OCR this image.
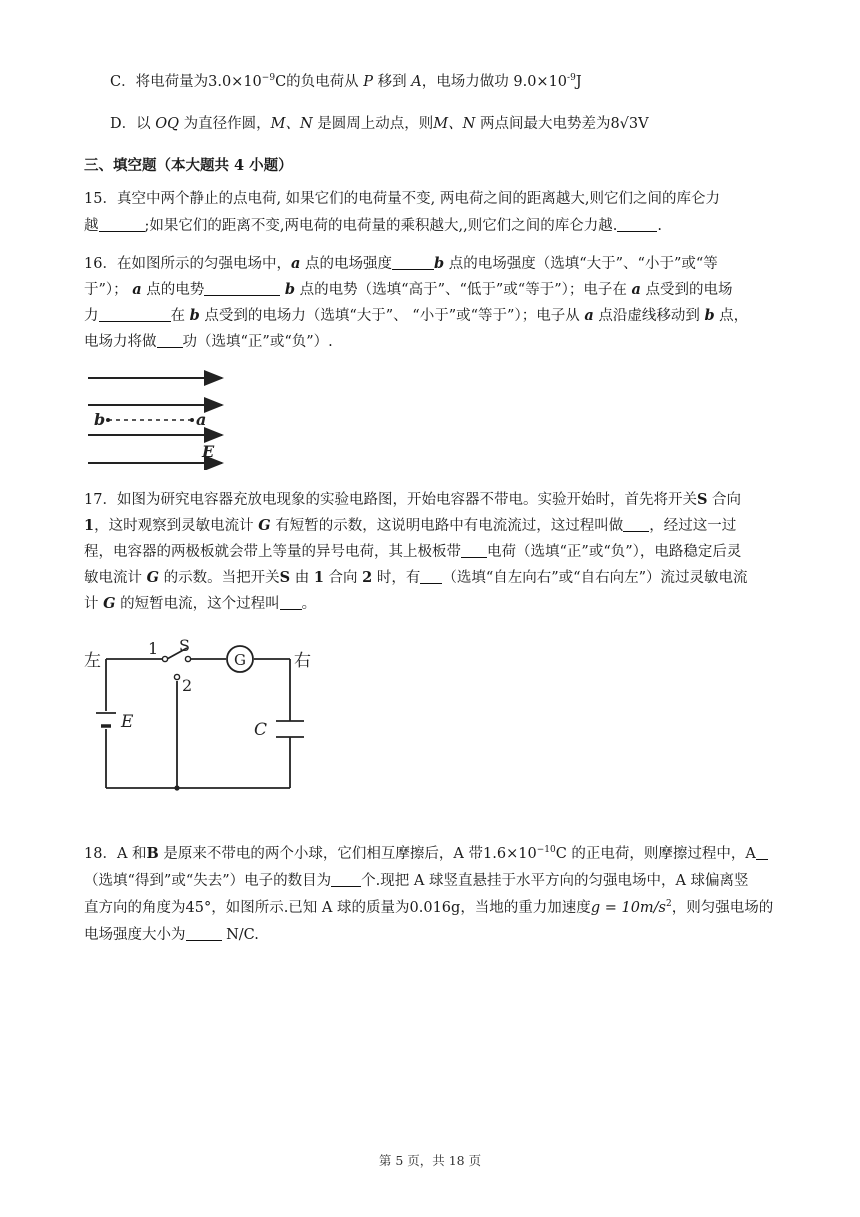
C．将电荷量为$3.0\times 10^{-9}C$的负电荷从 P 移到 A，电场力做功 $9.0\times 10^{-9}J$
D．以 OQ 为直径作圆，M、N 是圆周上动点，则M、N 两点间最大电势差为8√3V
三、填空题（本大题共 4 小题）
15．真空中两个静止的点电荷, 如果它们的电荷量不变, 两电荷之间的距离越大,则它们之间的库仑力
越	;如果它们的距离不变,两电荷的电荷量的乘积越大,,则它们之间的库仑力越.	.
16．在如图所示的匀强电场中，a 点的电场强度	b 点的电场强度（选填“大于”、“小于”或“等
于”）； a 点的电势	b 点的电势（选填“高于”、“低于”或“等于”）；电子在 a 点受到的电场
力	在 b 点受到的电场力（选填“大于”、 “小于”或“等于”）；电子从 a 点沿虚线移动到 b 点，
电场力将做 功（选填“正”或“负”）.
b	a
E
17．如图为研究电容器充放电现象的实验电路图，开始电容器不带电。实验开始时，首先将开关S 合向
1，这时观察到灵敏电流计 G 有短暂的示数，这说明电路中有电流流过，这过程叫做 ，经过这一过
程，电容器的两极板就会带上等量的异号电荷，其上极板带 电荷（选填“正”或“负”），电路稳定后灵
敏电流计 G 的示数。当把开关S 由 1 合向 2 时，有 （选填“自左向右”或“自右向左”）流过灵敏电流
计 G 的短暂电流，这个过程叫 。
左	右
1 S
2
G
E	C
18．A 和B 是原来不带电的两个小球，它们相互摩擦后，A 带$1.6\times 10^{-10}C$ 的正电荷，则摩擦过程中，A
（选填“得到”或“失去”）电子的数目为 个.现把 A 球竖直悬挂于水平方向的匀强电场中，A 球偏离竖
直方向的角度为45°，如图所示.已知 A 球的质量为0.016g，当地的重力加速度$g = 10m/s^2$，则匀强电场的
电场强度大小为 N/C.
第 5 页，共 18 页
